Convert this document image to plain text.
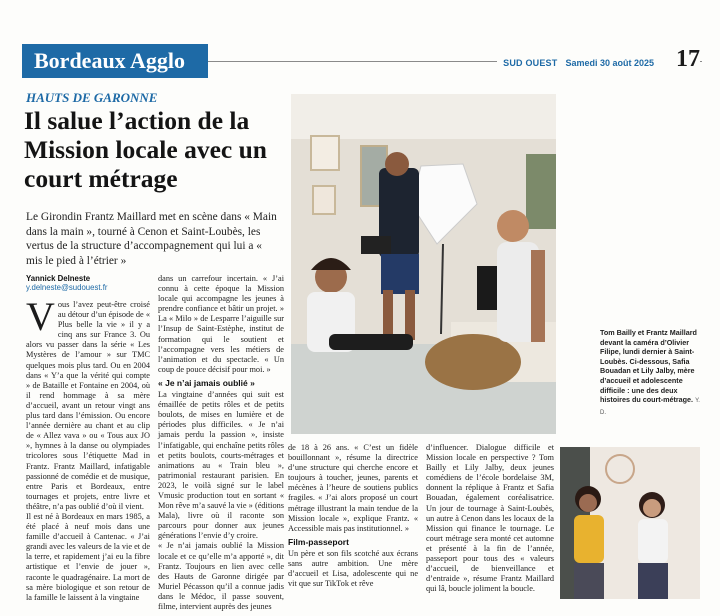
Bordeaux Aggl​o	SUD OUEST Samedi 30 août 2025 17
HAUTS DE GARONNE
Il salue l’action de la Mission locale avec un court métrage
Le Girondin Frantz Maillard met en scène dans « Main dans la main », tourné à Cenon et Saint-Loubès, les vertus de la structure d’accompagnement qui lui a « mis le pied à l’étrier »
Yannick Delneste
y.delneste@sudouest.fr
V ous l’avez peut-être croisé au détour d’un épisode de « Plus belle la vie » il y a cinq ans sur France 3. Ou alors vu passer dans la série « Les Mystères de l’amour » sur TMC quelques mois plus tard. Ou en 2004 dans « Y’a que la vérité qui compte » de Bataille et Fontaine en 2004, où il rend hommage à sa mère d’accueil, avant un retour vingt ans plus tard dans l’émission. Ou encore l’année dernière au chant et au clip de « Allez vava » ou « Tous aux JO », hymnes à la danse ou olympiades tricolores sous l’étiquette Mad in Frantz. Frantz Maillard, infatigable passionné de comédie et de musique, entre Paris et Bordeaux, entre tournages et projets, entre livre et théâtre, n’a pas oublié d’où il vient.

Il est né à Bordeaux en mars 1985, a été placé à neuf mois dans une famille d’accueil à Cantenac. « J’ai grandi avec les valeurs de la vie et de la terre, et rapidement j’ai eu la fibre artistique et l’envie de jouer », raconte le quadragénaire. La mort de sa mère biologique et son retour de la famille le laissent à la vingtaine

dans un carrefour incertain. « J’ai connu à cette époque la Mission locale qui accompagne les jeunes à prendre confiance et bâtir un projet. » La « Milo » de Lesparre l’aiguille sur l’Insup de Saint-Estèphe, institut de formation qui le soutient et l’accompagne vers les métiers de l’animation et du spectacle. « Un coup de pouce décisif pour moi. »

« Je n’ai jamais oublié »

La vingtaine d’années qui suit est émaillée de petits rôles et de petits boulots, de mises en lumière et de périodes plus difficiles. « Je n’ai jamais perdu la passion », insiste l’infatigable, qui enchaîne petits rôles et petits boulots, courts-métrages et animations au « Train bleu », patrimonial restaurant parisien. En 2023, le voilà signé sur le label Vmusic production tout en sortant « Mon rêve m’a sauvé la vie » (éditions Mala), livre où il raconte son parcours pour donner aux jeunes générations l’envie d’y croire.

« Je n’ai jamais oublié la Mission locale et ce qu’elle m’a apporté », dit Frantz. Toujours en lien avec celle des Hauts de Garonne dirigée par Muriel Pécasson qu’il a connue jadis dans le Médoc, il passe souvent, filme, intervient auprès des jeunes

de 18 à 26 ans. « C’est un fidèle bouillonnant », résume la directrice d’une structure qui cherche encore et toujours à toucher, jeunes, parents et mécènes à l’heure de soutiens publics fragiles. « J’ai alors proposé un court métrage illustrant la main tendue de la Mission locale », explique Frantz. « Accessible mais pas institutionnel. »

Film-passeport

Un père et son fils scotché aux écrans sans autre ambition. Une mère d’accueil et Lisa, adolescente qui ne vit que sur TikTok et rêve

d’influencer. Dialogue difficile et Mission locale en perspective ? Tom Bailly et Lily Jalby, deux jeunes comédiens de l’école bordelaise 3M, donnent la réplique à Frantz et Safia Bouadan, également coréalisatrice. Un jour de tournage à Saint-Loubès, un autre à Cenon dans les locaux de la Mission qui finance le tournage. Le court métrage sera monté cet automne et présenté à la fin de l’année, passeport pour tous des « valeurs d’accueil, de bienveillance et d’entraide », résume Frantz Maillard qui lâ, boucle joliment la boucle.

Tom Bailly et Frantz Maillard devant la caméra d’Olivier Filipe, lundi dernier à Saint-Loubès. Ci-dessous, Safia Bouadan et Lily Jalby, mère d’accueil et adolescente difficile : une des deux histoires du court-métrage. Y. D.
